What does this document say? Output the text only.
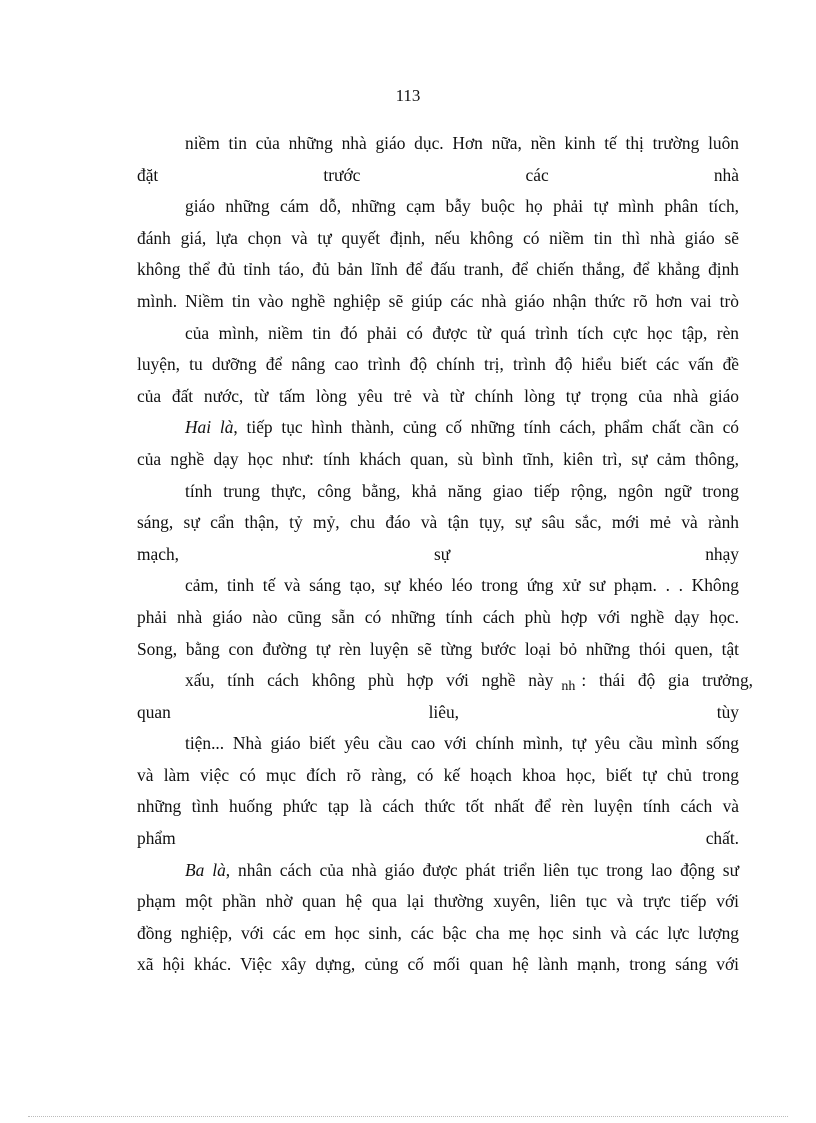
113
niềm tin của những nhà giáo dục. Hơn nữa, nền kinh tế thị trường luôn
đặt	trước	các	nhà
giáo những cám dỗ, những cạm bẫy buộc họ phải tự mình phân tích,
đánh giá, lựa chọn và tự quyết định, nếu không có niềm tin thì nhà giáo sẽ
không thể đủ tỉnh táo, đủ bản lĩnh để đấu tranh, để chiến thắng, để khẳng định
mình. Niềm tin vào nghề nghiệp sẽ giúp các nhà giáo nhận thức rõ hơn vai trò
của mình, niềm tin đó phải có được từ quá trình tích cực học tập, rèn
luyện, tu dưỡng để nâng cao trình độ chính trị, trình độ hiểu biết các vấn đề
của đất nước, từ tấm lòng yêu trẻ và từ chính lòng tự trọng của nhà giáo
Hai là, tiếp tục hình thành, củng cố những tính cách, phẩm chất cần có
của nghề dạy học như: tính khách quan, sù bình tĩnh, kiên trì, sự cảm thông,
tính trung thực, công bằng, khả năng giao tiếp rộng, ngôn ngữ trong
sáng, sự cẩn thận, tỷ mỷ, chu đáo và tận tụy, sự sâu sắc, mới mẻ và rành
mạch,	sự	nhạy
cảm, tinh tế và sáng tạo, sự khéo léo trong ứng xử sư phạm. . . Không
phải nhà giáo nào cũng sẵn có những tính cách phù hợp với nghề dạy học.
Song, bằng con đường tự rèn luyện sẽ từng bước loại bỏ những thói quen, tật
xấu, tính cách không phù hợp với nghề này $_{nh}$ : thái độ gia trưởng,
quan	liêu,	tùy
tiện... Nhà giáo biết yêu cầu cao với chính mình, tự yêu cầu mình sống
và làm việc có mục đích rõ ràng, có kế hoạch khoa học, biết tự chủ trong
những tình huống phức tạp là cách thức tốt nhất để rèn luyện tính cách và
phẩm	chất.
Ba là, nhân cách của nhà giáo được phát triển liên tục trong lao động sư
phạm một phần nhờ quan hệ qua lại thường xuyên, liên tục và trực tiếp với
đồng nghiệp, với các em học sinh, các bậc cha mẹ học sinh và các lực lượng
xã hội khác. Việc xây dựng, củng cố mối quan hệ lành mạnh, trong sáng với
